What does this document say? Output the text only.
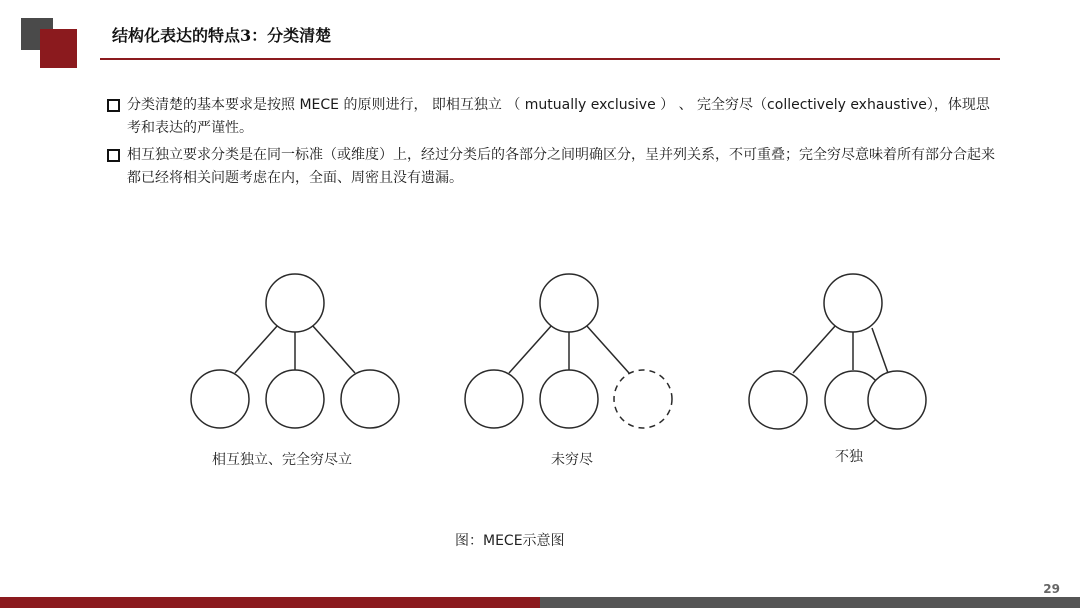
结构化表达的特点3：分类清楚
分类清楚的基本要求是按照 MECE 的原则进行， 即相互独立 （ mutually exclusive ） 、 完全穷尽（collectively exhaustive），体现思考和表达的严谨性。
相互独立要求分类是在同一标准（或维度）上，经过分类后的各部分之间明确区分，呈并列关系，不可重叠；完全穷尽意味着所有部分合起来都已经将相关问题考虑在内，全面、周密且没有遗漏。
相互独立、完全穷尽立	未穷尽	不独
图：MECE示意图
29
